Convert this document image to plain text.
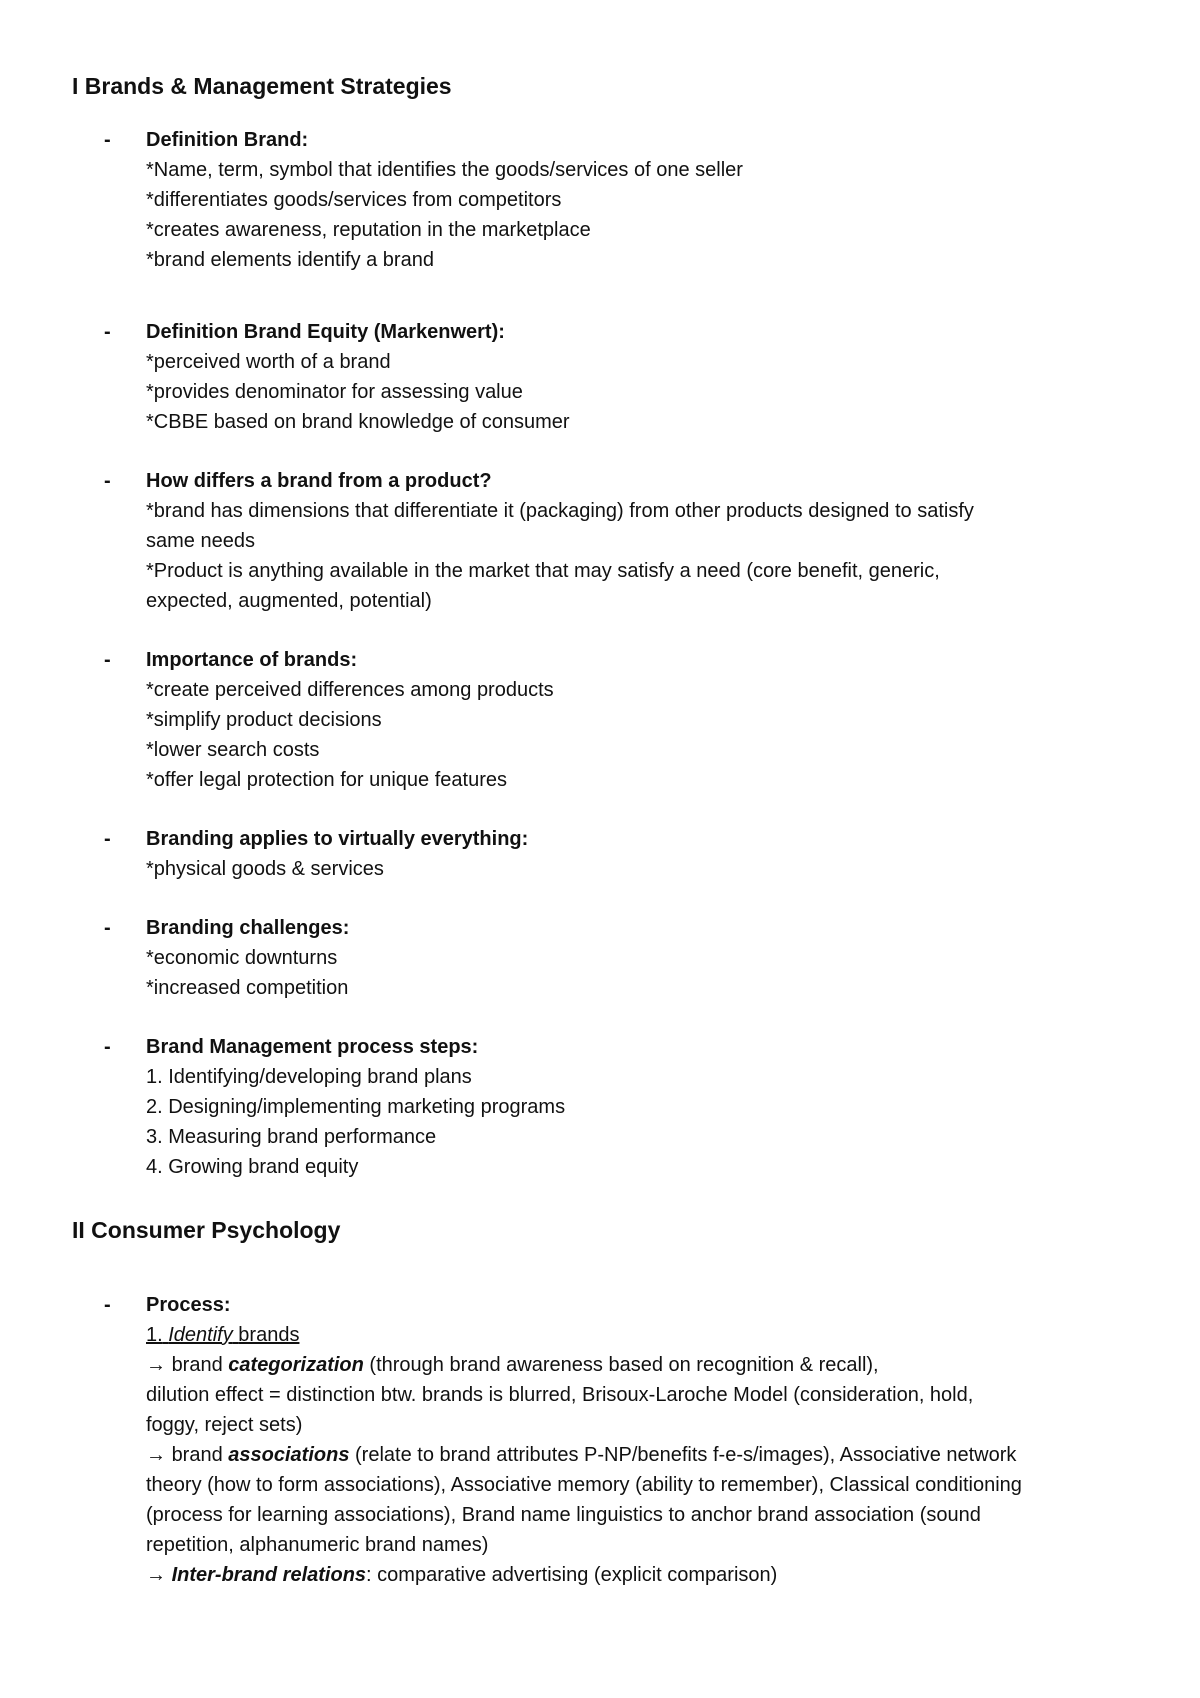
I Brands & Management Strategies
- Definition Brand:

*Name, term, symbol that identifies the goods/services of one seller

*differentiates goods/services from competitors

*creates awareness, reputation in the marketplace

*brand elements identify a brand

- Definition Brand Equity (Markenwert):

*perceived worth of a brand

*provides denominator for assessing value

*CBBE based on brand knowledge of consumer

- How differs a brand from a product?

*brand has dimensions that differentiate it (packaging) from other products designed to satisfy

same needs

*Product is anything available in the market that may satisfy a need (core benefit, generic,

expected, augmented, potential)

- Importance of brands:

*create perceived differences among products

*simplify product decisions

*lower search costs

*offer legal protection for unique features

- Branding applies to virtually everything:

*physical goods & services

- Branding challenges:

*economic downturns

*increased competition

- Brand Management process steps:

1. Identifying/developing brand plans

2. Designing/implementing marketing programs

3. Measuring brand performance

4. Growing brand equity

II Consumer Psychology
- Process:

1. Identify brands

→ brand categorization (through brand awareness based on recognition & recall),

dilution effect = distinction btw. brands is blurred, Brisoux-Laroche Model (consideration, hold,

foggy, reject sets)

→ brand associations (relate to brand attributes P-NP/benefits f-e-s/images), Associative network

theory (how to form associations), Associative memory (ability to remember), Classical conditioning

(process for learning associations), Brand name linguistics to anchor brand association (sound

repetition, alphanumeric brand names)

→ Inter-brand relations: comparative advertising (explicit comparison)
